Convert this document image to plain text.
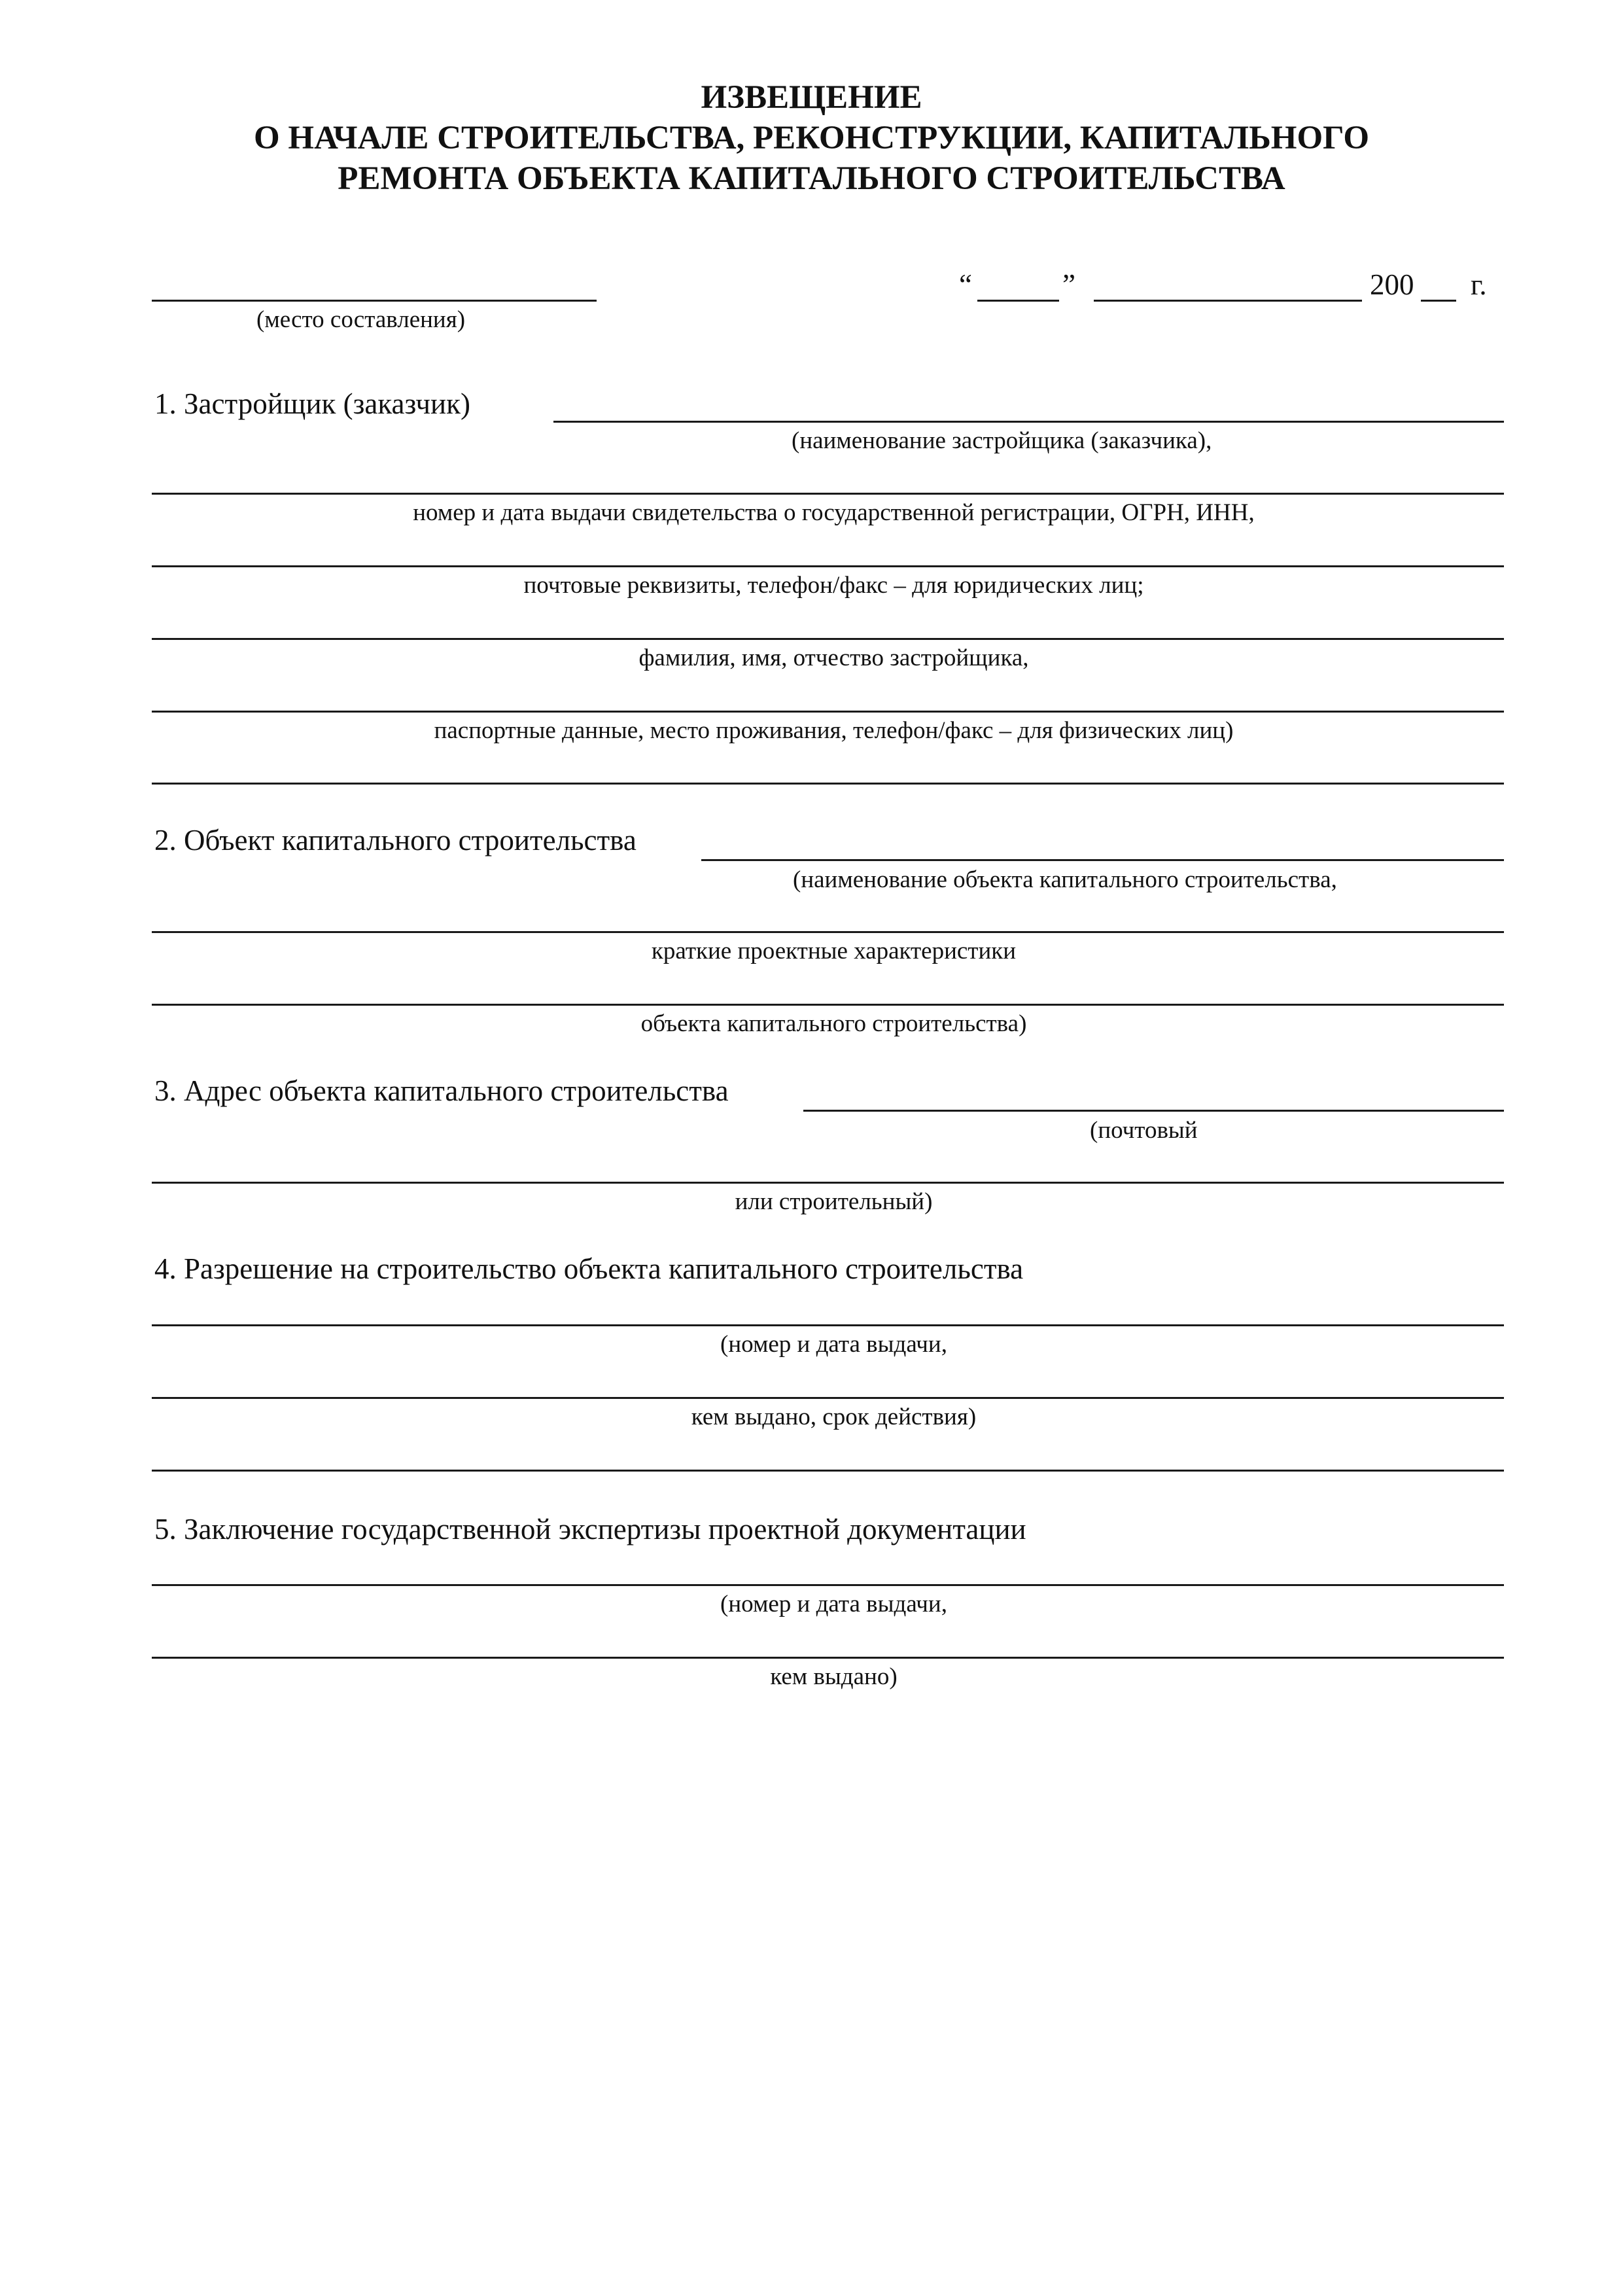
ИЗВЕЩЕНИЕ
О НАЧАЛЕ СТРОИТЕЛЬСТВА, РЕКОНСТРУКЦИИ, КАПИТАЛЬНОГО
РЕМОНТА ОБЪЕКТА КАПИТАЛЬНОГО СТРОИТЕЛЬСТВА
(место составления)
“	”	200 г.
1. Застройщик (заказчик)
(наименование застройщика (заказчика),
номер и дата выдачи свидетельства о государственной регистрации, ОГРН, ИНН,
почтовые реквизиты, телефон/факс – для юридических лиц;
фамилия, имя, отчество застройщика,
паспортные данные, место проживания, телефон/факс – для физических лиц)
2. Объект капитального строительства
(наименование объекта капитального строительства,
краткие проектные характеристики
объекта капитального строительства)
3. Адрес объекта капитального строительства
(почтовый
или строительный)
4. Разрешение на строительство объекта капитального строительства
(номер и дата выдачи,
кем выдано, срок действия)
5. Заключение государственной экспертизы проектной документации
(номер и дата выдачи,
кем выдано)
